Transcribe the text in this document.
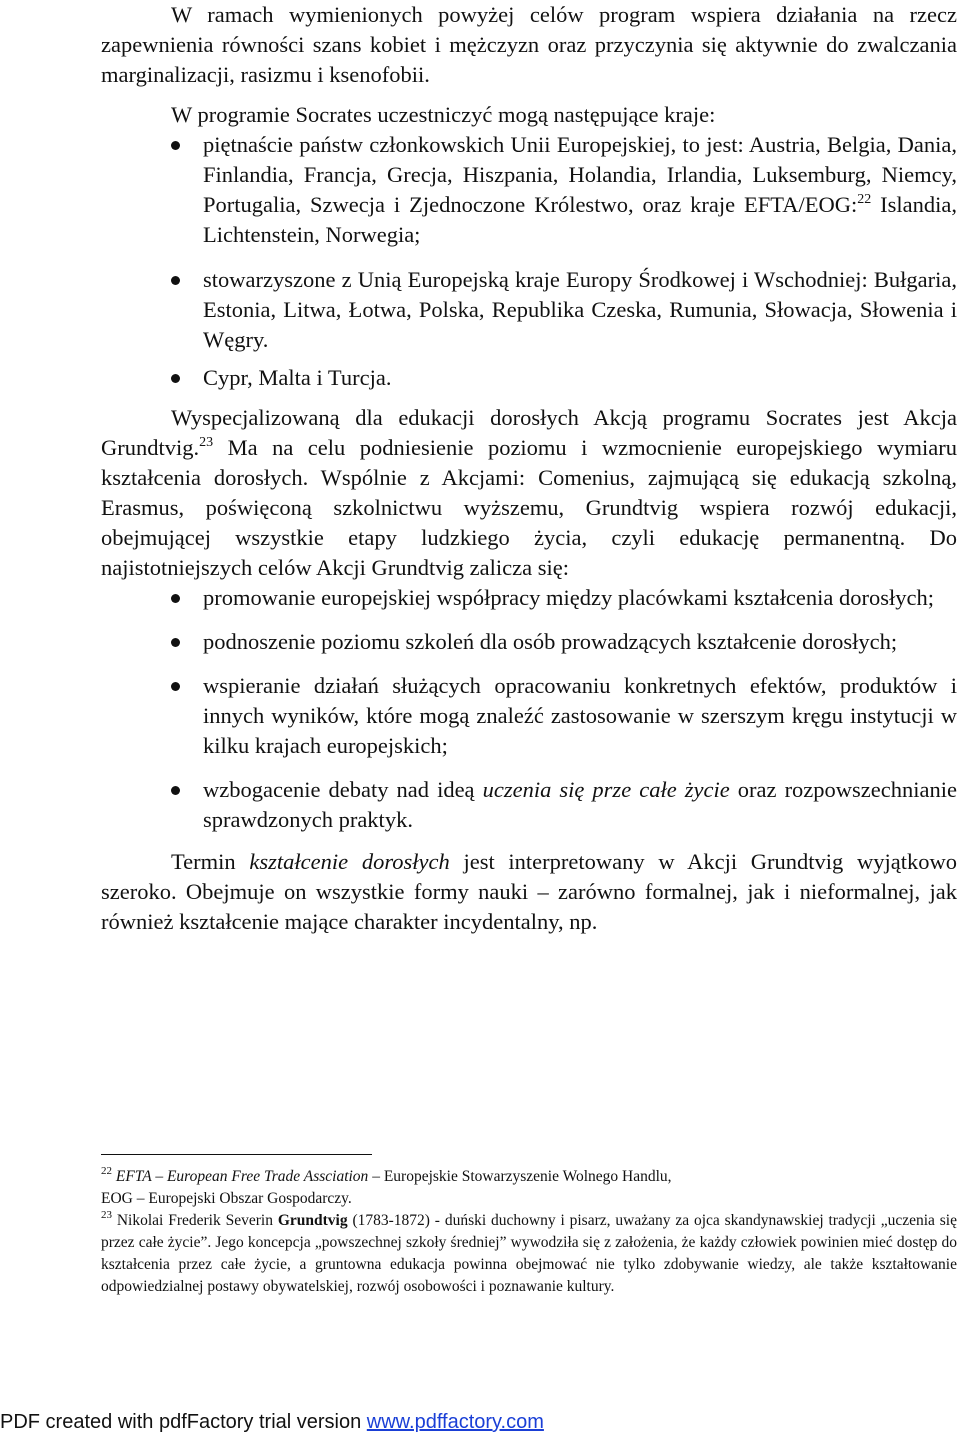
W ramach wymienionych powyżej celów program wspiera działania na rzecz zapewnienia równości szans kobiet i mężczyzn oraz przyczynia się aktywnie do zwalczania marginalizacji, rasizmu i ksenofobii.

W programie Socrates uczestniczyć mogą następujące kraje:

piętnaście państw członkowskich Unii Europejskiej, to jest: Austria, Belgia, Dania, Finlandia, Francja, Grecja, Hiszpania, Holandia, Irlandia, Luksemburg, Niemcy, Portugalia, Szwecja i Zjednoczone Królestwo, oraz kraje EFTA/EOG:$^{22}$ Islandia, Lichtenstein, Norwegia;
stowarzyszone z Unią Europejską kraje Europy Środkowej i Wschodniej: Bułgaria, Estonia, Litwa, Łotwa, Polska, Republika Czeska, Rumunia, Słowacja, Słowenia i Węgry.
Cypr, Malta i Turcja.

Wyspecjalizowaną dla edukacji dorosłych Akcją programu Socrates jest Akcja Grundtvig.$^{23}$ Ma na celu podniesienie poziomu i wzmocnienie europejskiego wymiaru kształcenia dorosłych. Wspólnie z Akcjami: Comenius, zajmującą się edukacją szkolną, Erasmus, poświęconą szkolnictwu wyższemu, Grundtvig wspiera rozwój edukacji, obejmującej wszystkie etapy ludzkiego życia, czyli edukację permanentną. Do najistotniejszych celów Akcji Grundtvig zalicza się:

promowanie europejskiej współpracy między placówkami kształcenia dorosłych;
podnoszenie poziomu szkoleń dla osób prowadzących kształcenie dorosłych;
wspieranie działań służących opracowaniu konkretnych efektów, produktów i innych wyników, które mogą znaleźć zastosowanie w szerszym kręgu instytucji w kilku krajach europejskich;
wzbogacenie debaty nad ideą uczenia się prze całe życie oraz rozpowszechnianie sprawdzonych praktyk.

Termin kształcenie dorosłych jest interpretowany w Akcji Grundtvig wyjątkowo szeroko. Obejmuje on wszystkie formy nauki – zarówno formalnej, jak i nieformalnej, jak również kształcenie mające charakter incydentalny, np.

$^{22}$ EFTA – European Free Trade Assciation – Europejskie Stowarzyszenie Wolnego Handlu,
EOG – Europejski Obszar Gospodarczy.

$^{23}$ Nikolai Frederik Severin Grundtvig (1783-1872) - duński duchowny i pisarz, uważany za ojca skandynawskiej tradycji „uczenia się przez całe życie”. Jego koncepcja „powszechnej szkoły średniej” wywodziła się z założenia, że każdy człowiek powinien mieć dostęp do kształcenia przez całe życie, a gruntowna edukacja powinna obejmować nie tylko zdobywanie wiedzy, ale także kształtowanie odpowiedzialnej postawy obywatelskiej, rozwój osobowości i poznawanie kultury.

PDF created with pdfFactory trial version www.pdffactory.com
